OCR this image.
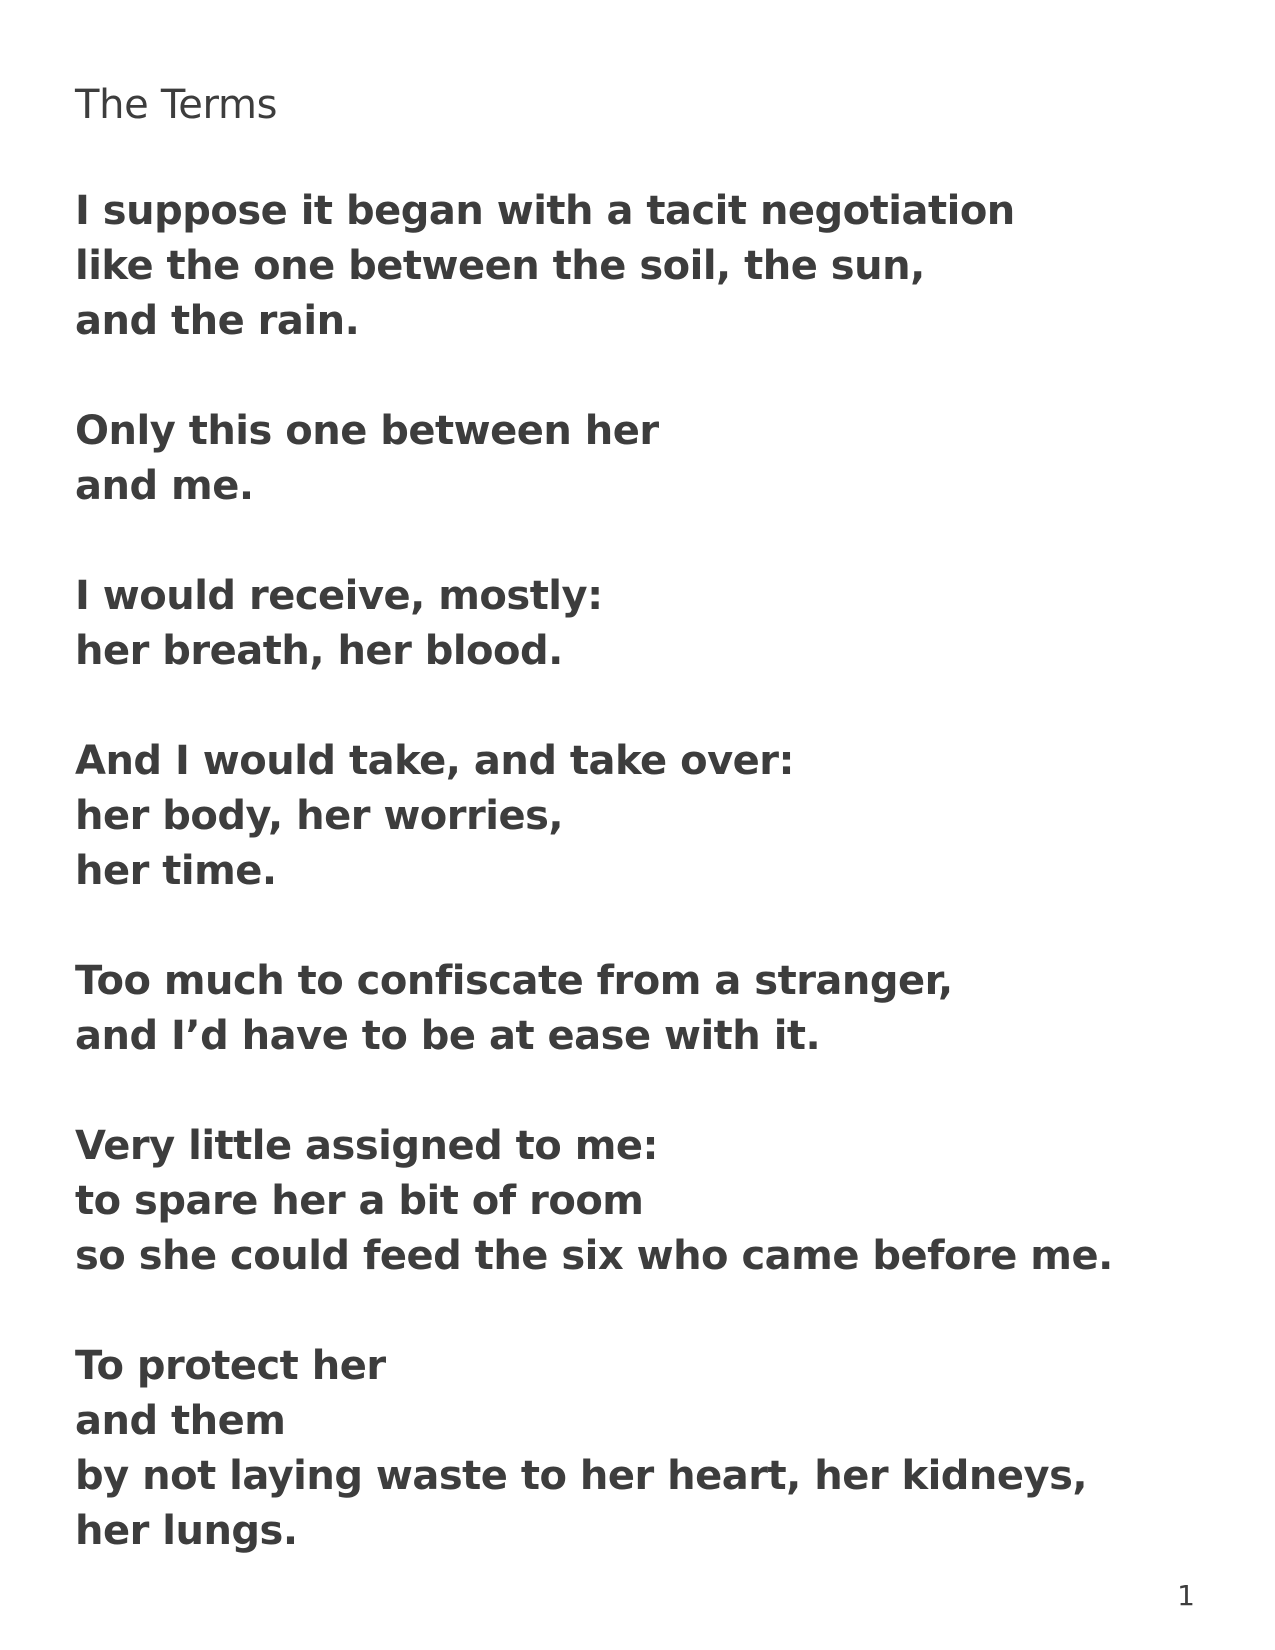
The Terms
I suppose it began with a tacit negotiation
like the one between the soil, the sun,
and the rain.
Only this one between her
and me.
I would receive, mostly:
her breath, her blood.
And I would take, and take over:
her body, her worries,
her time.
Too much to confiscate from a stranger,
and I’d have to be at ease with it.
Very little assigned to me:
to spare her a bit of room
so she could feed the six who came before me.
To protect her
and them
by not laying waste to her heart, her kidneys,
her lungs.
1
